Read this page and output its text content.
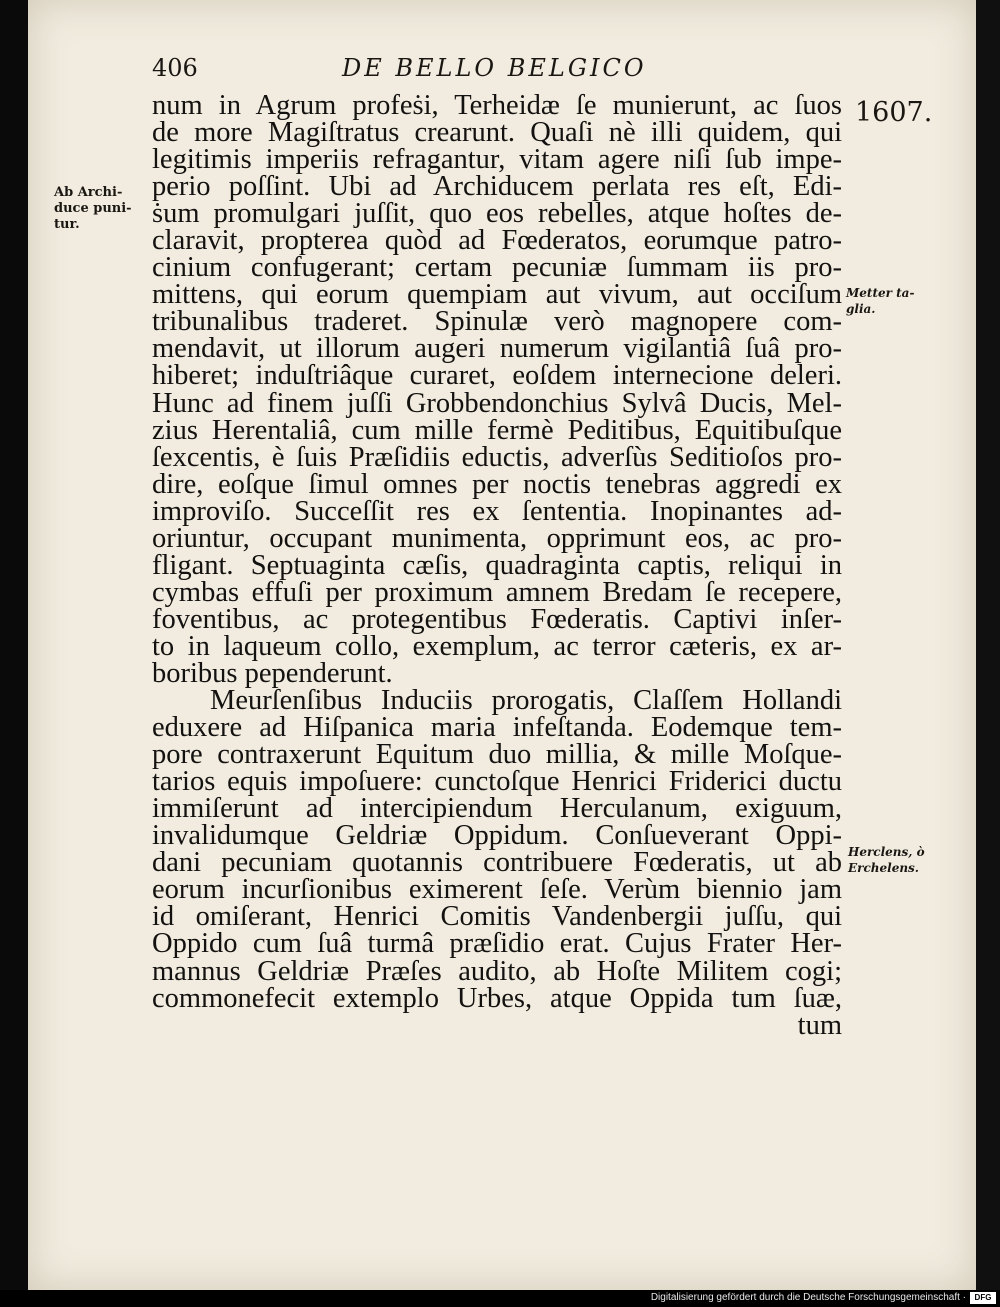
406	DE BELLO BELGICO
1607.
Ab Archi-
duce puni-
tur.
Metter ta-
glia.
Herclens, ò
Erchelens.
num in Agrum profeṡi, Terheidæ ſe munierunt, ac ſuos
de more Magiſtratus crearunt. Quaſi nè illi quidem, qui
legitimis imperiis refragantur, vitam agere niſi ſub impe-
perio poſſint. Ubi ad Archiducem perlata res eſt, Edi-
ṡum promulgari juſſit, quo eos rebelles, atque hoſtes de-
claravit, propterea quòd ad Fœderatos, eorumque patro-
cinium confugerant; certam pecuniæ ſummam iis pro-
mittens, qui eorum quempiam aut vivum, aut occiſum
tribunalibus traderet. Spinulæ verò magnopere com-
mendavit, ut illorum augeri numerum vigilantiâ ſuâ pro-
hiberet; induſtriâque curaret, eoſdem internecione deleri.
Hunc ad finem juſſi Grobbendonchius Sylvâ Ducis, Mel-
zius Herentaliâ, cum mille fermè Peditibus, Equitibuſque
ſexcentis, è ſuis Præſidiis eductis, adverſùs Seditioſos pro-
dire, eoſque ſimul omnes per noctis tenebras aggredi ex
improviſo. Succeſſit res ex ſententia. Inopinantes ad-
oriuntur, occupant munimenta, opprimunt eos, ac pro-
fligant. Septuaginta cæſis, quadraginta captis, reliqui in
cymbas effuſi per proximum amnem Bredam ſe recepere,
foventibus, ac protegentibus Fœderatis. Captivi inſer-
to in laqueum collo, exemplum, ac terror cæteris, ex ar-
boribus pependerunt.
Meurſenſibus Induciis prorogatis, Claſſem Hollandi
eduxere ad Hiſpanica maria infeſtanda. Eodemque tem-
pore contraxerunt Equitum duo millia, & mille Moſque-
tarios equis impoſuere: cunctoſque Henrici Friderici ductu
immiſerunt ad intercipiendum Herculanum, exiguum,
invalidumque Geldriæ Oppidum. Conſueverant Oppi-
dani pecuniam quotannis contribuere Fœderatis, ut ab
eorum incurſionibus eximerent ſeſe. Verùm biennio jam
id omiſerant, Henrici Comitis Vandenbergii juſſu, qui
Oppido cum ſuâ turmâ præſidio erat. Cujus Frater Her-
mannus Geldriæ Præſes audito, ab Hoſte Militem cogi;
commonefecit extemplo Urbes, atque Oppida tum ſuæ,
tum
Digitalisierung gefördert durch die Deutsche Forschungsgemeinschaft ·	DFG
